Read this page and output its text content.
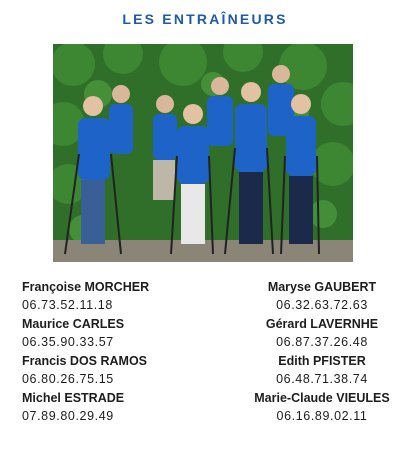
LES ENTRAÎNEURS
Françoise MORCHER
06.73.52.11.18
Maurice CARLES
06.35.90.33.57
Francis DOS RAMOS
06.80.26.75.15
Michel ESTRADE
07.89.80.29.49
Maryse GAUBERT
06.32.63.72.63
Gérard LAVERNHE
06.87.37.26.48
Edith PFISTER
06.48.71.38.74
Marie-Claude VIEULES
06.16.89.02.11
